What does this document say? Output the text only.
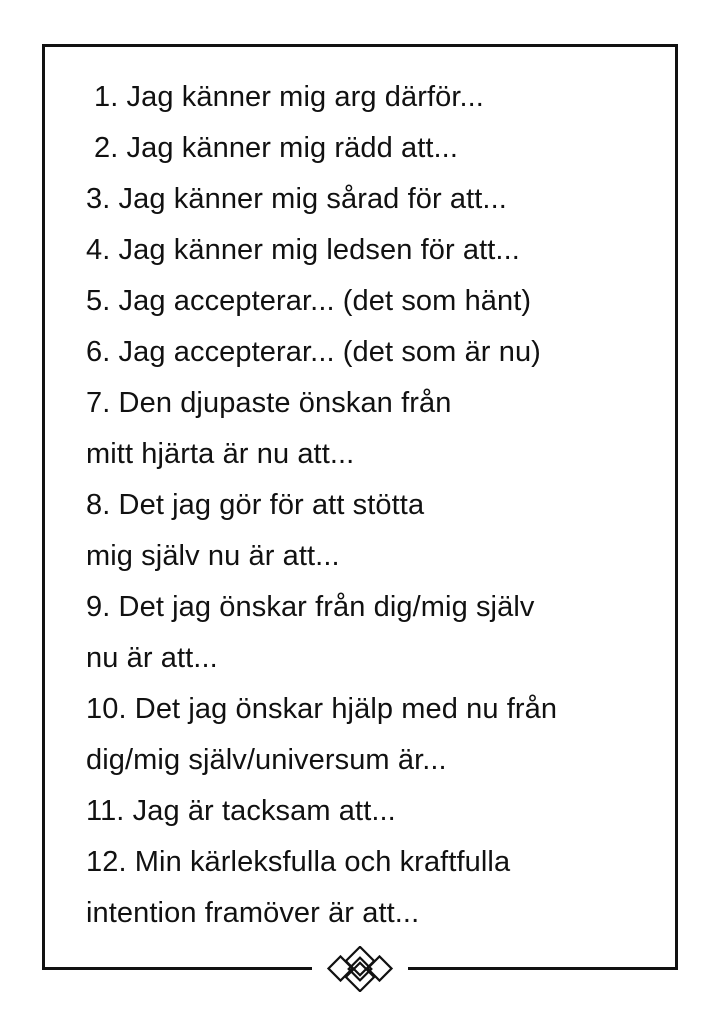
1. Jag känner mig arg därför...
2. Jag känner mig rädd att...
3. Jag känner mig sårad för att...
4. Jag känner mig ledsen för att...
5. Jag accepterar... (det som hänt)
6. Jag accepterar... (det som är nu)
7. Den djupaste önskan från
mitt hjärta är nu att...
8. Det jag gör för att stötta
mig själv nu är att...
9. Det jag önskar från dig/mig själv
nu är att...
10. Det jag önskar hjälp med nu från
dig/mig själv/universum är...
11. Jag är tacksam att...
12. Min kärleksfulla och kraftfulla
intention framöver är att...
